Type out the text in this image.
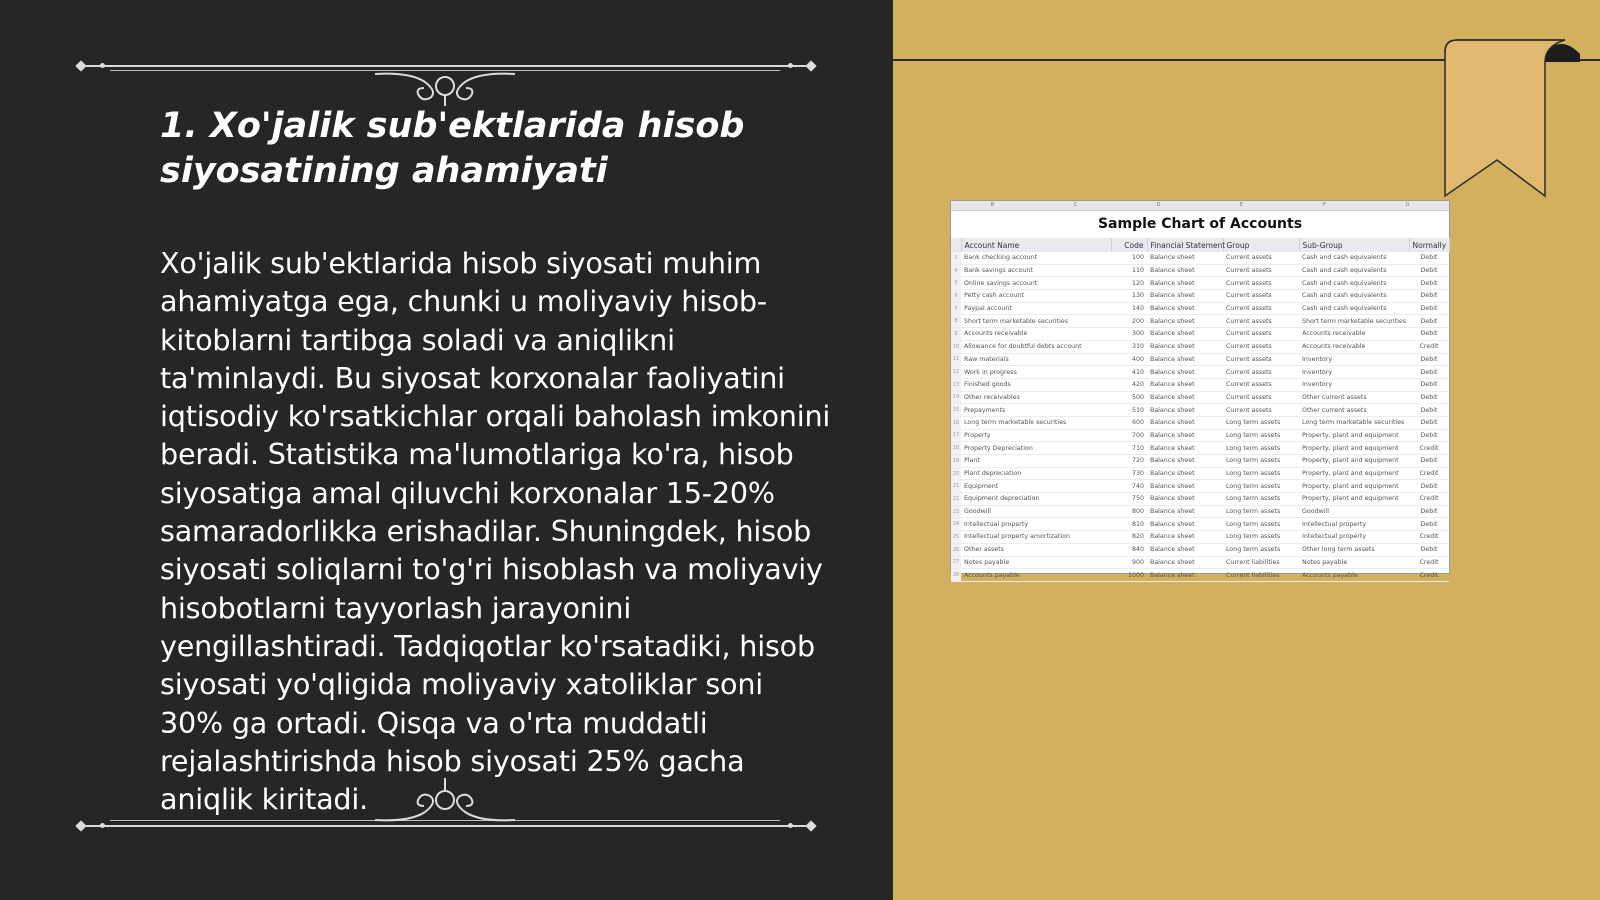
1. Xo'jalik sub'ektlarida hisob siyosatining ahamiyati

Xo'jalik sub'ektlarida hisob siyosati muhim ahamiyatga ega, chunki u moliyaviy hisob-kitoblarni tartibga soladi va aniqlikni ta'minlaydi. Bu siyosat korxonalar faoliyatini iqtisodiy ko'rsatkichlar orqali baholash imkonini beradi. Statistika ma'lumotlariga ko'ra, hisob siyosatiga amal qiluvchi korxonalar 15-20% samaradorlikka erishadilar. Shuningdek, hisob siyosati soliqlarni to'g'ri hisoblash va moliyaviy hisobotlarni tayyorlash jarayonini yengillashtiradi. Tadqiqotlar ko'rsatadiki, hisob siyosati yo'qligida moliyaviy xatoliklar soni 30% ga ortadi. Qisqa va o'rta muddatli rejalashtirishda hisob siyosati 25% gacha aniqlik kiritadi.

B	C	D	E	F	G
Sample Chart of Accounts
	Account Name	Code	Financial Statement	Group	Sub-Group	Normally
3	Bank checking account	100	Balance sheet	Current assets	Cash and cash equivalents	Debit
4	Bank savings account	110	Balance sheet	Current assets	Cash and cash equivalents	Debit
5	Online savings account	120	Balance sheet	Current assets	Cash and cash equivalents	Debit
6	Petty cash account	130	Balance sheet	Current assets	Cash and cash equivalents	Debit
7	Paypal account	140	Balance sheet	Current assets	Cash and cash equivalents	Debit
8	Short term marketable securities	200	Balance sheet	Current assets	Short term marketable securities	Debit
9	Accounts receivable	300	Balance sheet	Current assets	Accounts receivable	Debit
10	Allowance for doubtful debts account	310	Balance sheet	Current assets	Accounts receivable	Credit
11	Raw materials	400	Balance sheet	Current assets	Inventory	Debit
12	Work in progress	410	Balance sheet	Current assets	Inventory	Debit
13	Finished goods	420	Balance sheet	Current assets	Inventory	Debit
14	Other receivables	500	Balance sheet	Current assets	Other current assets	Debit
15	Prepayments	510	Balance sheet	Current assets	Other current assets	Debit
16	Long term marketable securities	600	Balance sheet	Long term assets	Long term marketable securities	Debit
17	Property	700	Balance sheet	Long term assets	Property, plant and equipment	Debit
18	Property Depreciation	710	Balance sheet	Long term assets	Property, plant and equipment	Credit
19	Plant	720	Balance sheet	Long term assets	Property, plant and equipment	Debit
20	Plant depreciation	730	Balance sheet	Long term assets	Property, plant and equipment	Credit
21	Equipment	740	Balance sheet	Long term assets	Property, plant and equipment	Debit
22	Equipment depreciation	750	Balance sheet	Long term assets	Property, plant and equipment	Credit
23	Goodwill	800	Balance sheet	Long term assets	Goodwill	Debit
24	Intellectual property	810	Balance sheet	Long term assets	Intellectual property	Debit
25	Intellectual property amortization	820	Balance sheet	Long term assets	Intellectual property	Credit
26	Other assets	840	Balance sheet	Long term assets	Other long term assets	Debit
27	Notes payable	900	Balance sheet	Current liabilities	Notes payable	Credit
28	Accounts payable	1000	Balance sheet	Current liabilities	Accounts payable	Credit
